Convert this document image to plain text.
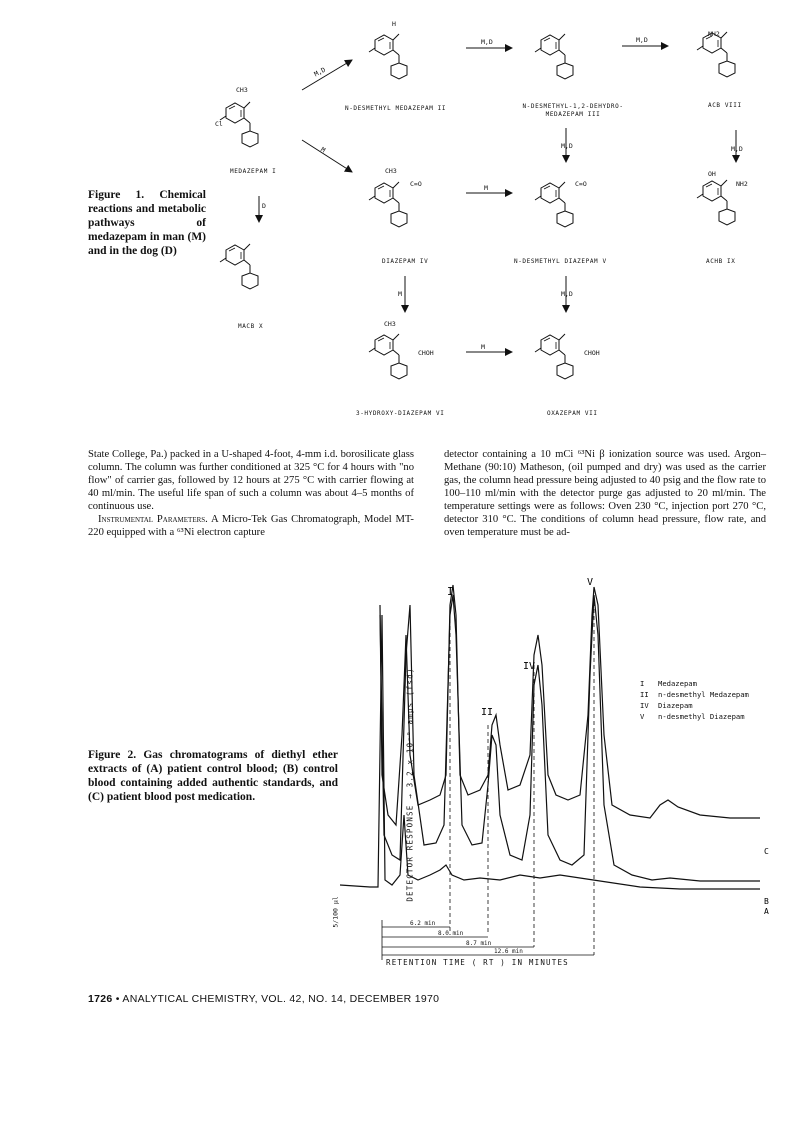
M,D
M,D	M,D
M
M
M,D	M,D
D
M	M,D
M
MEDAZEPAM I
N-DESMETHYL MEDAZEPAM II	N-DESMETHYL-1,2-DEHYDRO-MEDAZEPAM III
ACB VIII
DIAZEPAM IV	N-DESMETHYL DIAZEPAM V	ACHB IX
MACB X
3-HYDROXY-DIAZEPAM VI	OXAZEPAM VII
CH3
Cl
H
NH2
CH3
C=O	C=O
OH
NH2
CHOH	CHOH
CH3
Figure 1. Chemical reactions and metabolic pathways of medazepam in man (M) and in the dog (D)

State College, Pa.) packed in a U-shaped 4-foot, 4-mm i.d. borosilicate glass column. The column was further conditioned at 325 °C for 4 hours with "no flow" of carrier gas, followed by 12 hours at 275 °C with carrier flowing at 40 ml/min. The useful life span of such a column was about 4–5 months of continuous use.

Instrumental Parameters. A Micro-Tek Gas Chromatograph, Model MT-220 equipped with a ⁶³Ni electron capture

detector containing a 10 mCi ⁶³Ni β ionization source was used. Argon–Methane (90:10) Matheson, (oil pumped and dry) was used as the carrier gas, the column head pressure being adjusted to 40 psig and the flow rate to 100–110 ml/min with the detector purge gas adjusted to 20 ml/min. The temperature settings were as follows: Oven 230 °C, injection port 270 °C, detector 310 °C. The conditions of column head pressure, flow rate, and oven temperature must be ad-

Figure 2. Gas chromatograms of diethyl ether extracts of (A) patient control blood; (B) control blood containing added authentic standards, and (C) patient blood post medication.
6.2 min
8.0 min
8.7 min
12.6 min
I
II
IV
V
C
B
A
DETECTOR RESPONSE → 3.2 x 10⁻⁹ amps (fsd)
5/100 µl
RETENTION TIME ( RT ) IN MINUTES
I Medazepam
II n-desmethyl Medazepam
IV Diazepam
V n-desmethyl Diazepam
1726 • ANALYTICAL CHEMISTRY, VOL. 42, NO. 14, DECEMBER 1970
